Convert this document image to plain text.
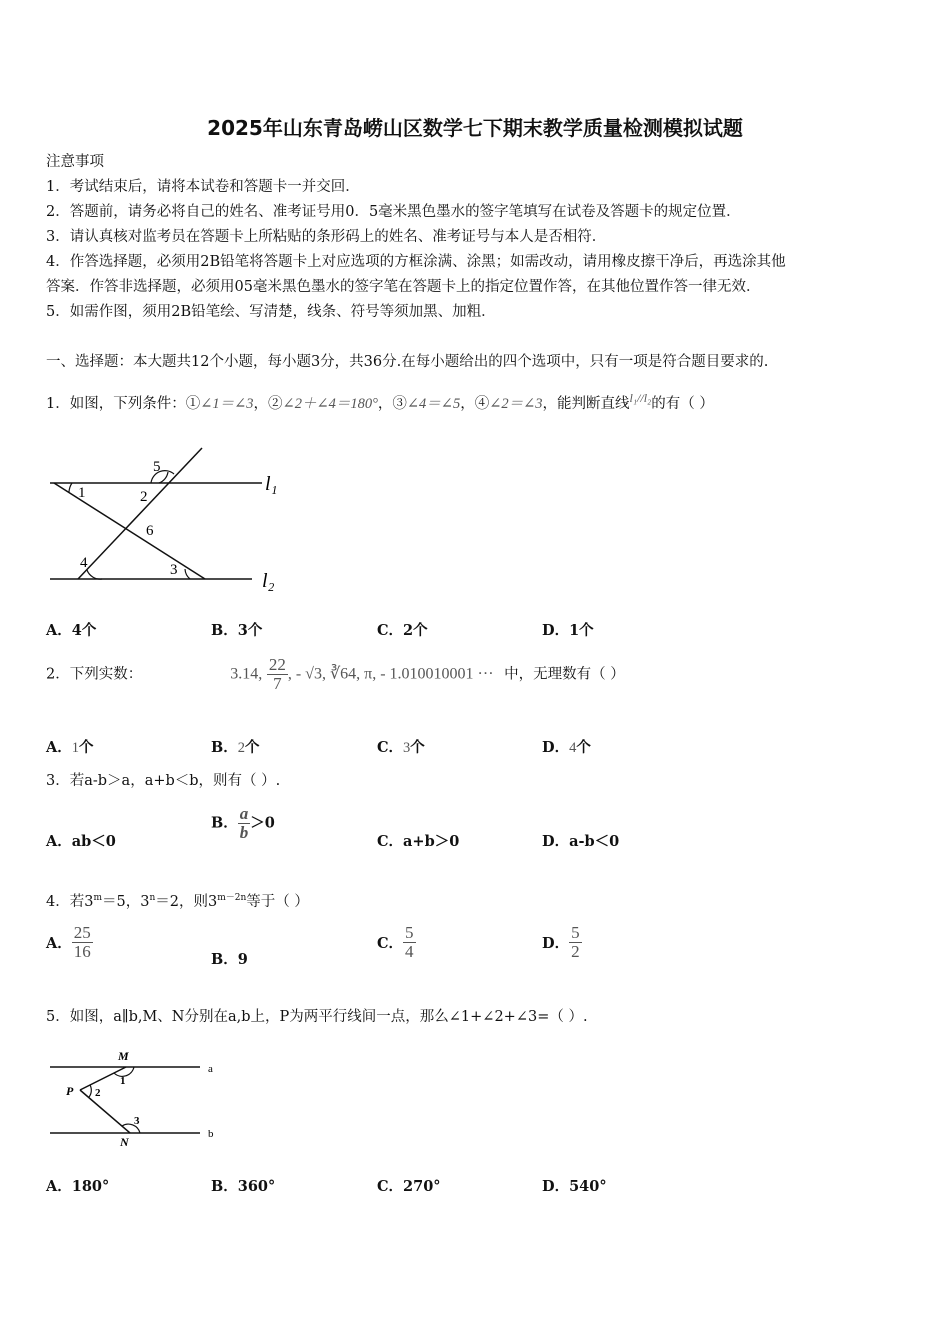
2025年山东青岛崂山区数学七下期末教学质量检测模拟试题
注意事项
1．考试结束后，请将本试卷和答题卡一并交回．
2．答题前，请务必将自己的姓名、准考证号用0．5毫米黑色墨水的签字笔填写在试卷及答题卡的规定位置．
3．请认真核对监考员在答题卡上所粘贴的条形码上的姓名、准考证号与本人是否相符．
4．作答选择题，必须用2B铅笔将答题卡上对应选项的方框涂满、涂黑；如需改动，请用橡皮擦干净后，再选涂其他
答案．作答非选择题，必须用05毫米黑色墨水的签字笔在答题卡上的指定位置作答，在其他位置作答一律无效．
5．如需作图，须用2B铅笔绘、写清楚，线条、符号等须加黑、加粗．
一、选择题：本大题共12个小题，每小题3分，共36分.在每小题给出的四个选项中，只有一项是符合题目要求的.
1．如图，下列条件：①∠1＝∠3，②∠2＋∠4＝180°，③∠4＝∠5，④∠2＝∠3，能判断直线$^{l_1//l_2}$的有（ ）
1	2
3
4
5
6
l₁
l₂
A．4个	B．3个	C．2个	D．1个
2．下列实数：	3.14, $\frac{22}{7}$ , - √3, ∛64, π, - 1.010010001 ··· 中，无理数有（ ）
A．1个	B．2个	C．3个	D．4个
3．若a-b＞a，a+b＜b，则有（ ）.
A．ab＜0
B． $\frac{a}{b} >0$
C．a+b＞0	D．a-b＜0
4．若$3^m=5$，$3^n=2$，则$3^{m-2n}$等于（ ）
A． $\frac{25}{16}$	B．9
C． $\frac{5}{4}$	D． $\frac{5}{2}$
5．如图，a∥b,M、N分别在a,b上，P为两平行线间一点，那么∠1+∠2+∠3=（ ）.
M
N
P
a
b
1
2
3
A．180°	B．360°	C．270°	D．540°
